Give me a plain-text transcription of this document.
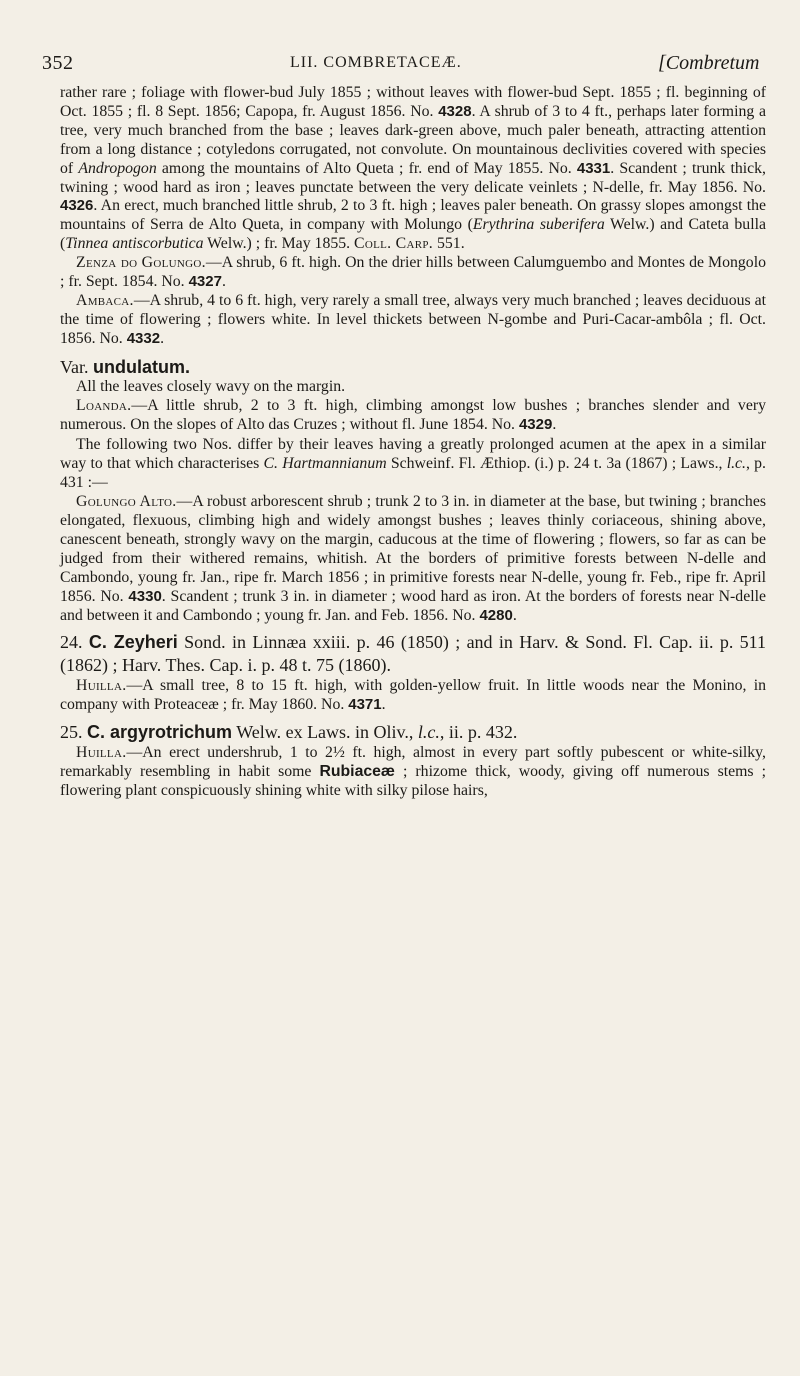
352	LII. COMBRETACEÆ.	[Combretum

rather rare ; foliage with flower-bud July 1855 ; without leaves with flower-bud Sept. 1855 ; fl. beginning of Oct. 1855 ; fl. 8 Sept. 1856; Capopa, fr. August 1856. No. 4328. A shrub of 3 to 4 ft., perhaps later forming a tree, very much branched from the base ; leaves dark-green above, much paler beneath, attracting attention from a long distance ; cotyledons corrugated, not convolute. On mountainous declivities covered with species of Andropogon among the mountains of Alto Queta ; fr. end of May 1855. No. 4331. Scandent ; trunk thick, twining ; wood hard as iron ; leaves punctate between the very delicate veinlets ; N-delle, fr. May 1856. No. 4326. An erect, much branched little shrub, 2 to 3 ft. high ; leaves paler beneath. On grassy slopes amongst the mountains of Serra de Alto Queta, in company with Molungo (Erythrina suberifera Welw.) and Cateta bulla (Tinnea antiscorbutica Welw.) ; fr. May 1855. Coll. Carp. 551.

Zenza do Golungo.—A shrub, 6 ft. high. On the drier hills between Calumguembo and Montes de Mongolo ; fr. Sept. 1854. No. 4327.

Ambaca.—A shrub, 4 to 6 ft. high, very rarely a small tree, always very much branched ; leaves deciduous at the time of flowering ; flowers white. In level thickets between N-gombe and Puri-Cacar-ambôla ; fl. Oct. 1856. No. 4332.

Var. undulatum.

All the leaves closely wavy on the margin.

Loanda.—A little shrub, 2 to 3 ft. high, climbing amongst low bushes ; branches slender and very numerous. On the slopes of Alto das Cruzes ; without fl. June 1854. No. 4329.

The following two Nos. differ by their leaves having a greatly prolonged acumen at the apex in a similar way to that which characterises C. Hartmannianum Schweinf. Fl. Æthiop. (i.) p. 24 t. 3a (1867) ; Laws., l.c., p. 431 :—

Golungo Alto.—A robust arborescent shrub ; trunk 2 to 3 in. in diameter at the base, but twining ; branches elongated, flexuous, climbing high and widely amongst bushes ; leaves thinly coriaceous, shining above, canescent beneath, strongly wavy on the margin, caducous at the time of flowering ; flowers, so far as can be judged from their withered remains, whitish. At the borders of primitive forests between N-delle and Cambondo, young fr. Jan., ripe fr. March 1856 ; in primitive forests near N-delle, young fr. Feb., ripe fr. April 1856. No. 4330. Scandent ; trunk 3 in. in diameter ; wood hard as iron. At the borders of forests near N-delle and between it and Cambondo ; young fr. Jan. and Feb. 1856. No. 4280.

24. C. Zeyheri Sond. in Linnæa xxiii. p. 46 (1850) ; and in Harv. & Sond. Fl. Cap. ii. p. 511 (1862) ; Harv. Thes. Cap. i. p. 48 t. 75 (1860).

Huilla.—A small tree, 8 to 15 ft. high, with golden-yellow fruit. In little woods near the Monino, in company with Proteaceæ ; fr. May 1860. No. 4371.

25. C. argyrotrichum Welw. ex Laws. in Oliv., l.c., ii. p. 432.

Huilla.—An erect undershrub, 1 to 2½ ft. high, almost in every part softly pubescent or white-silky, remarkably resembling in habit some Rubiaceæ ; rhizome thick, woody, giving off numerous stems ; flowering plant conspicuously shining white with silky pilose hairs,
